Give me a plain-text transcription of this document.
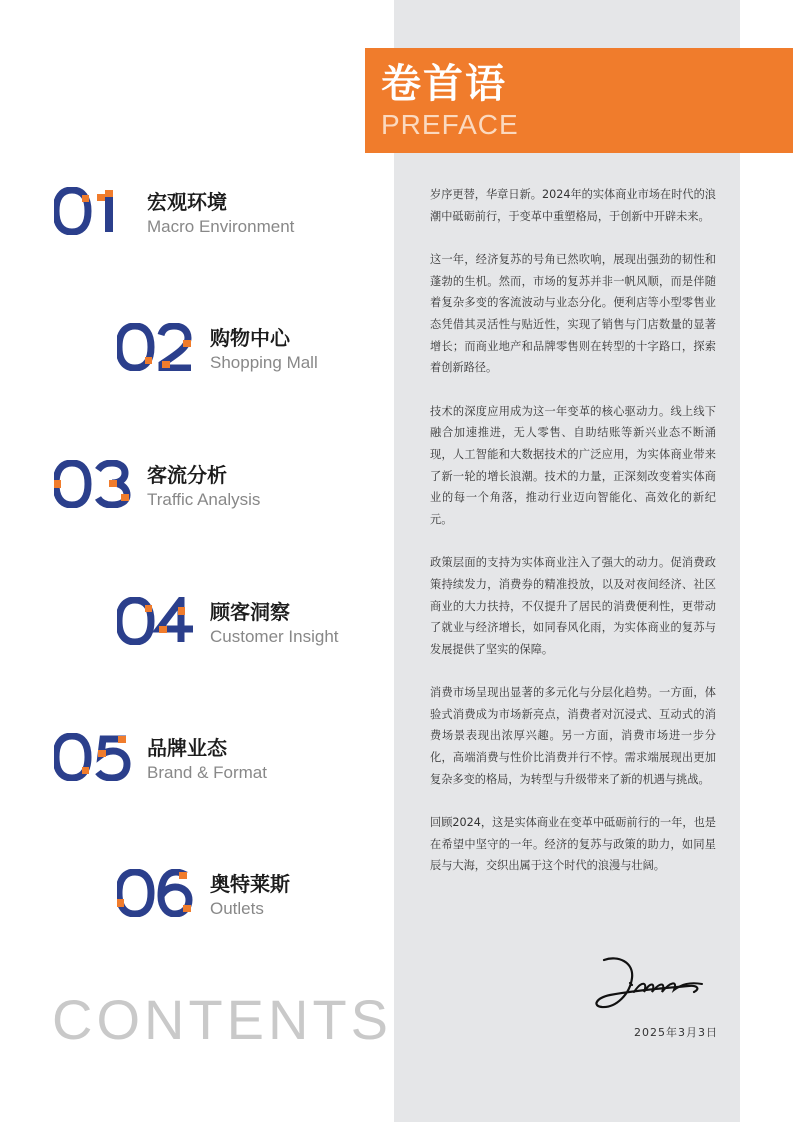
卷首语
PREFACE
宏观环境
Macro Environment
购物中心
Shopping Mall
客流分析
Traffic Analysis
顾客洞察
Customer Insight
品牌业态
Brand & Format
奥特莱斯
Outlets
CONTENTS

岁序更替，华章日新。2024年的实体商业市场在时代的浪潮中砥砺前行，于变革中重塑格局，于创新中开辟未来。

这一年，经济复苏的号角已然吹响，展现出强劲的韧性和蓬勃的生机。然而，市场的复苏并非一帆风顺，而是伴随着复杂多变的客流波动与业态分化。便利店等小型零售业态凭借其灵活性与贴近性，实现了销售与门店数量的显著增长；而商业地产和品牌零售则在转型的十字路口，探索着创新路径。

技术的深度应用成为这一年变革的核心驱动力。线上线下融合加速推进，无人零售、自助结账等新兴业态不断涌现，人工智能和大数据技术的广泛应用，为实体商业带来了新一轮的增长浪潮。技术的力量，正深刻改变着实体商业的每一个角落，推动行业迈向智能化、高效化的新纪元。

政策层面的支持为实体商业注入了强大的动力。促消费政策持续发力，消费券的精准投放，以及对夜间经济、社区商业的大力扶持，不仅提升了居民的消费便利性，更带动了就业与经济增长，如同春风化雨，为实体商业的复苏与发展提供了坚实的保障。

消费市场呈现出显著的多元化与分层化趋势。一方面，体验式消费成为市场新亮点，消费者对沉浸式、互动式的消费场景表现出浓厚兴趣。另一方面，消费市场进一步分化，高端消费与性价比消费并行不悖。需求端展现出更加复杂多变的格局，为转型与升级带来了新的机遇与挑战。

回顾2024，这是实体商业在变革中砥砺前行的一年，也是在希望中坚守的一年。经济的复苏与政策的助力，如同星辰与大海，交织出属于这个时代的浪漫与壮阔。

2025年3月3日
